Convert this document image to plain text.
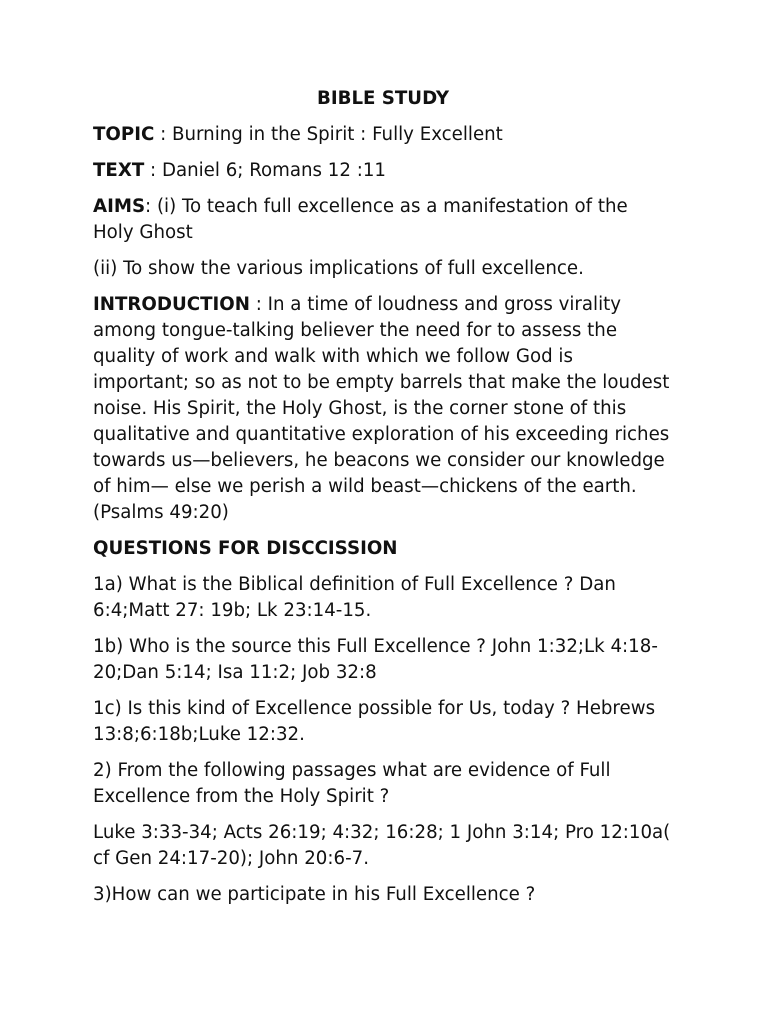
BIBLE STUDY

TOPIC : Burning in the Spirit : Fully Excellent

TEXT : Daniel 6; Romans 12 :11

AIMS: (i) To teach full excellence as a manifestation of the Holy Ghost

(ii) To show the various implications of full excellence.

INTRODUCTION : In a time of loudness and gross virality among tongue-talking believer the need for to assess the quality of work and walk with which we follow God is important; so as not to be empty barrels that make the loudest noise. His Spirit, the Holy Ghost, is the corner stone of this qualitative and quantitative exploration of his exceeding riches towards us—believers, he beacons we consider our knowledge of him— else we perish a wild beast—chickens of the earth.(Psalms 49:20)

QUESTIONS FOR DISCCISSION

1a) What is the Biblical definition of Full Excellence ? Dan 6:4;Matt 27: 19b; Lk 23:14-15.

1b) Who is the source this Full Excellence ? John 1:32;Lk 4:18-20;Dan 5:14; Isa 11:2; Job 32:8

1c) Is this kind of Excellence possible for Us, today ? Hebrews 13:8;6:18b;Luke 12:32.

2) From the following passages what are evidence of Full Excellence from the Holy Spirit ?

Luke 3:33-34; Acts 26:19; 4:32; 16:28; 1 John 3:14; Pro 12:10a( cf Gen 24:17-20); John 20:6-7.

3)How can we participate in his Full Excellence ?
